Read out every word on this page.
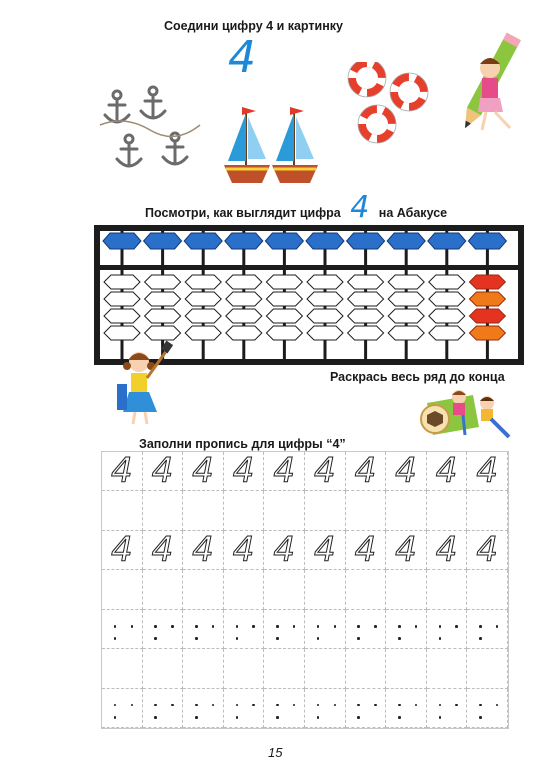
Соедини цифру 4 и картинку
4
Посмотри, как выглядит цифра 4 на Абакусе
Раскрась весь ряд до конца
Заполни пропись для цифры “4”
4 4 4 4 4 4 4 4 4 4
4 4 4 4 4 4 4 4 4 4
15
